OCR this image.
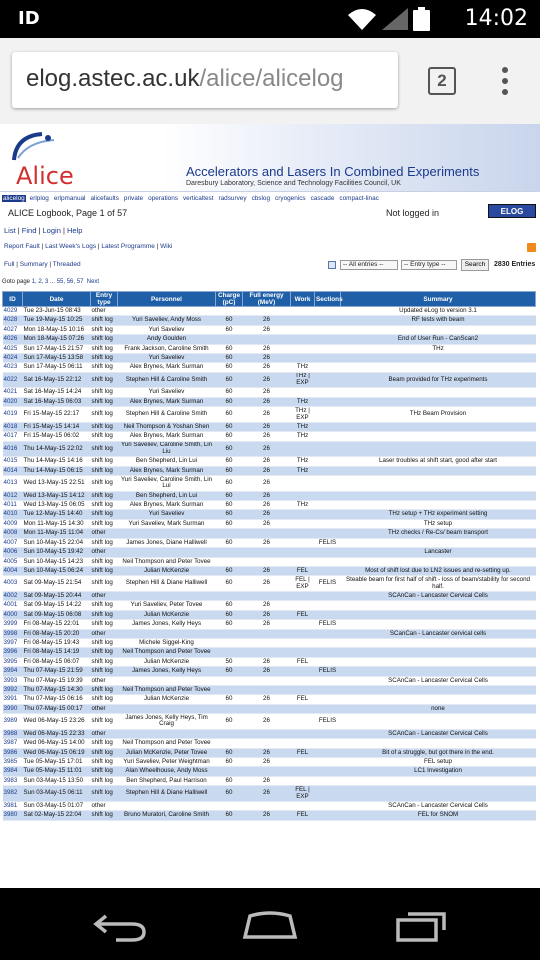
ID	14:02
elog.astec.ac.uk/alice/alicelog	2
Alice	Accelerators and Lasers In Combined Experiments
Daresbury Laboratory, Science and Technology Facilities Council, UK
alicelog erlplog erlpmanual alicefaults private operations verticaltest radsurvey cbslog cryogenics cascade compact-linac
ALICE Logbook, Page 1 of 57	Not logged in	ELOG
List | Find | Login | Help
Report Fault | Last Week's Logs | Latest Programme | Wiki
Full | Summary | Threaded	-- All entries --	-- Entry type --	Search	2830 Entries
Goto page 1, 2, 3 ... 55, 56, 57 Next
ID	Date	Entry type	Personnel	Charge (pC)	Full energy (MeV)	Work	Sections	Summary
4029	Tue 23-Jun-15 08:43	other						Updated eLog to version 3.1
4028	Tue 19-May-15 10:25	shift log	Yuri Saveliev, Andy Moss	60	26			RF tests with beam
4027	Mon 18-May-15 10:16	shift log	Yuri Saveliev	60	26			
4026	Mon 18-May-15 07:26	shift log	Andy Goulden					End of User Run - CanScan2
4025	Sun 17-May-15 21:57	shift log	Frank Jackson, Caroline Smith	60	26			THz
4024	Sun 17-May-15 13:58	shift log	Yuri Saveliev	60	26			
4023	Sun 17-May-15 06:11	shift log	Alex Brynes, Mark Surman	60	26	THz		
4022	Sat 16-May-15 22:12	shift log	Stephen Hill & Caroline Smith	60	26	THz | EXP		Beam provided for THz experiments
4021	Sat 16-May-15 14:24	shift log	Yuri Saveliev	60	26			
4020	Sat 16-May-15 06:03	shift log	Alex Brynes, Mark Surman	60	26	THz		
4019	Fri 15-May-15 22:17	shift log	Stephen Hill & Caroline Smith	60	26	THz | EXP		THz Beam Provision
4018	Fri 15-May-15 14:14	shift log	Neil Thompson & Yoshan Shen	60	26	THz		
4017	Fri 15-May-15 06:02	shift log	Alex Brynes, Mark Surman	60	26	THz		
4016	Thu 14-May-15 22:02	shift log	Yuri Saveliev, Caroline Smith, Lin Liu	60	26			
4015	Thu 14-May-15 14:16	shift log	Ben Shepherd, Lin Lui	60	26	THz		Laser troubles at shift start, good after start
4014	Thu 14-May-15 06:15	shift log	Alex Brynes, Mark Surman	60	26	THz		
4013	Wed 13-May-15 22:51	shift log	Yuri Saveliev, Caroline Smith, Lin Lui	60	26			
4012	Wed 13-May-15 14:12	shift log	Ben Shepherd, Lin Lui	60	26			
4011	Wed 13-May-15 06:05	shift log	Alex Brynes, Mark Surman	60	26	THz		
4010	Tue 12-May-15 14:40	shift log	Yuri Saveliev	60	26			THz setup + THz experiment setting
4009	Mon 11-May-15 14:30	shift log	Yuri Saveliev, Mark Surman	60	26			THz setup
4008	Mon 11-May-15 11:04	other						THz checks / Re-Cs/ beam transport
4007	Sun 10-May-15 22:04	shift log	James Jones, Diane Halliwell	60	26		FELIS	
4006	Sun 10-May-15 19:42	other						Lancaster
4005	Sun 10-May-15 14:23	shift log	Neil Thompson and Peter Tovee					
4004	Sun 10-May-15 06:24	shift log	Julian McKenzie	60	26	FEL		Most of shift lost due to LN2 issues and re-setting up.
4003	Sat 09-May-15 21:54	shift log	Stephen Hill & Diane Halliwell	60	26	FEL | EXP	FELIS	Steable beam for first half of shift - loss of beam/stability for second half.
4002	Sat 09-May-15 20:44	other						SCAnCan - Lancaster Cervical Cells
4001	Sat 09-May-15 14:22	shift log	Yuri Saveliev, Peter Tovee	60	26			
4000	Sat 09-May-15 06:08	shift log	Julian McKenzie	60	26	FEL		
3999	Fri 08-May-15 22:01	shift log	James Jones, Kelly Heys	60	26		FELIS	
3998	Fri 08-May-15 20:20	other						SCanCan - Lancaster cervical cells
3997	Fri 08-May-15 19:43	shift log	Michele Siggel-King					
3996	Fri 08-May-15 14:19	shift log	Neil Thompson and Peter Tovee					
3995	Fri 08-May-15 06:07	shift log	Julian McKenzie	50	26	FEL		
3994	Thu 07-May-15 21:59	shift log	James Jones, Kelly Heys	60	26		FELIS	
3993	Thu 07-May-15 19:39	other						SCAnCan - Lancaster Cervical Cells
3992	Thu 07-May-15 14:30	shift log	Neil Thompson and Peter Tovee					
3991	Thu 07-May-15 06:16	shift log	Julian McKenzie	60	26	FEL		
3990	Thu 07-May-15 00:17	other						none
3989	Wed 06-May-15 23:26	shift log	James Jones, Kelly Heys, Tim Craig	60	26		FELIS	
3988	Wed 06-May-15 22:33	other						SCAnCan - Lancaster Cervical Cells
3987	Wed 06-May-15 14:00	shift log	Neil Thompson and Peter Tovee					
3986	Wed 06-May-15 06:19	shift log	Julian McKenzie, Peter Tovee	60	26	FEL		Bit of a struggle, but got there in the end.
3985	Tue 05-May-15 17:01	shift log	Yuri Saveliev, Peter Weightman	60	26			FEL setup
3984	Tue 05-May-15 11:01	shift log	Alan Wheelhouse, Andy Moss					LC1 Investigation
3983	Sun 03-May-15 13:50	shift log	Ben Shepherd, Paul Harrison	60	26			
3982	Sun 03-May-15 06:11	shift log	Stephen Hill & Diane Halliwell	60	26	FEL | EXP		
3981	Sun 03-May-15 01:07	other						SCAnCan - Lancaster Cervical Cells
3980	Sat 02-May-15 22:04	shift log	Bruno Muratori, Caroline Smith	60	26	FEL		FEL for SNOM
